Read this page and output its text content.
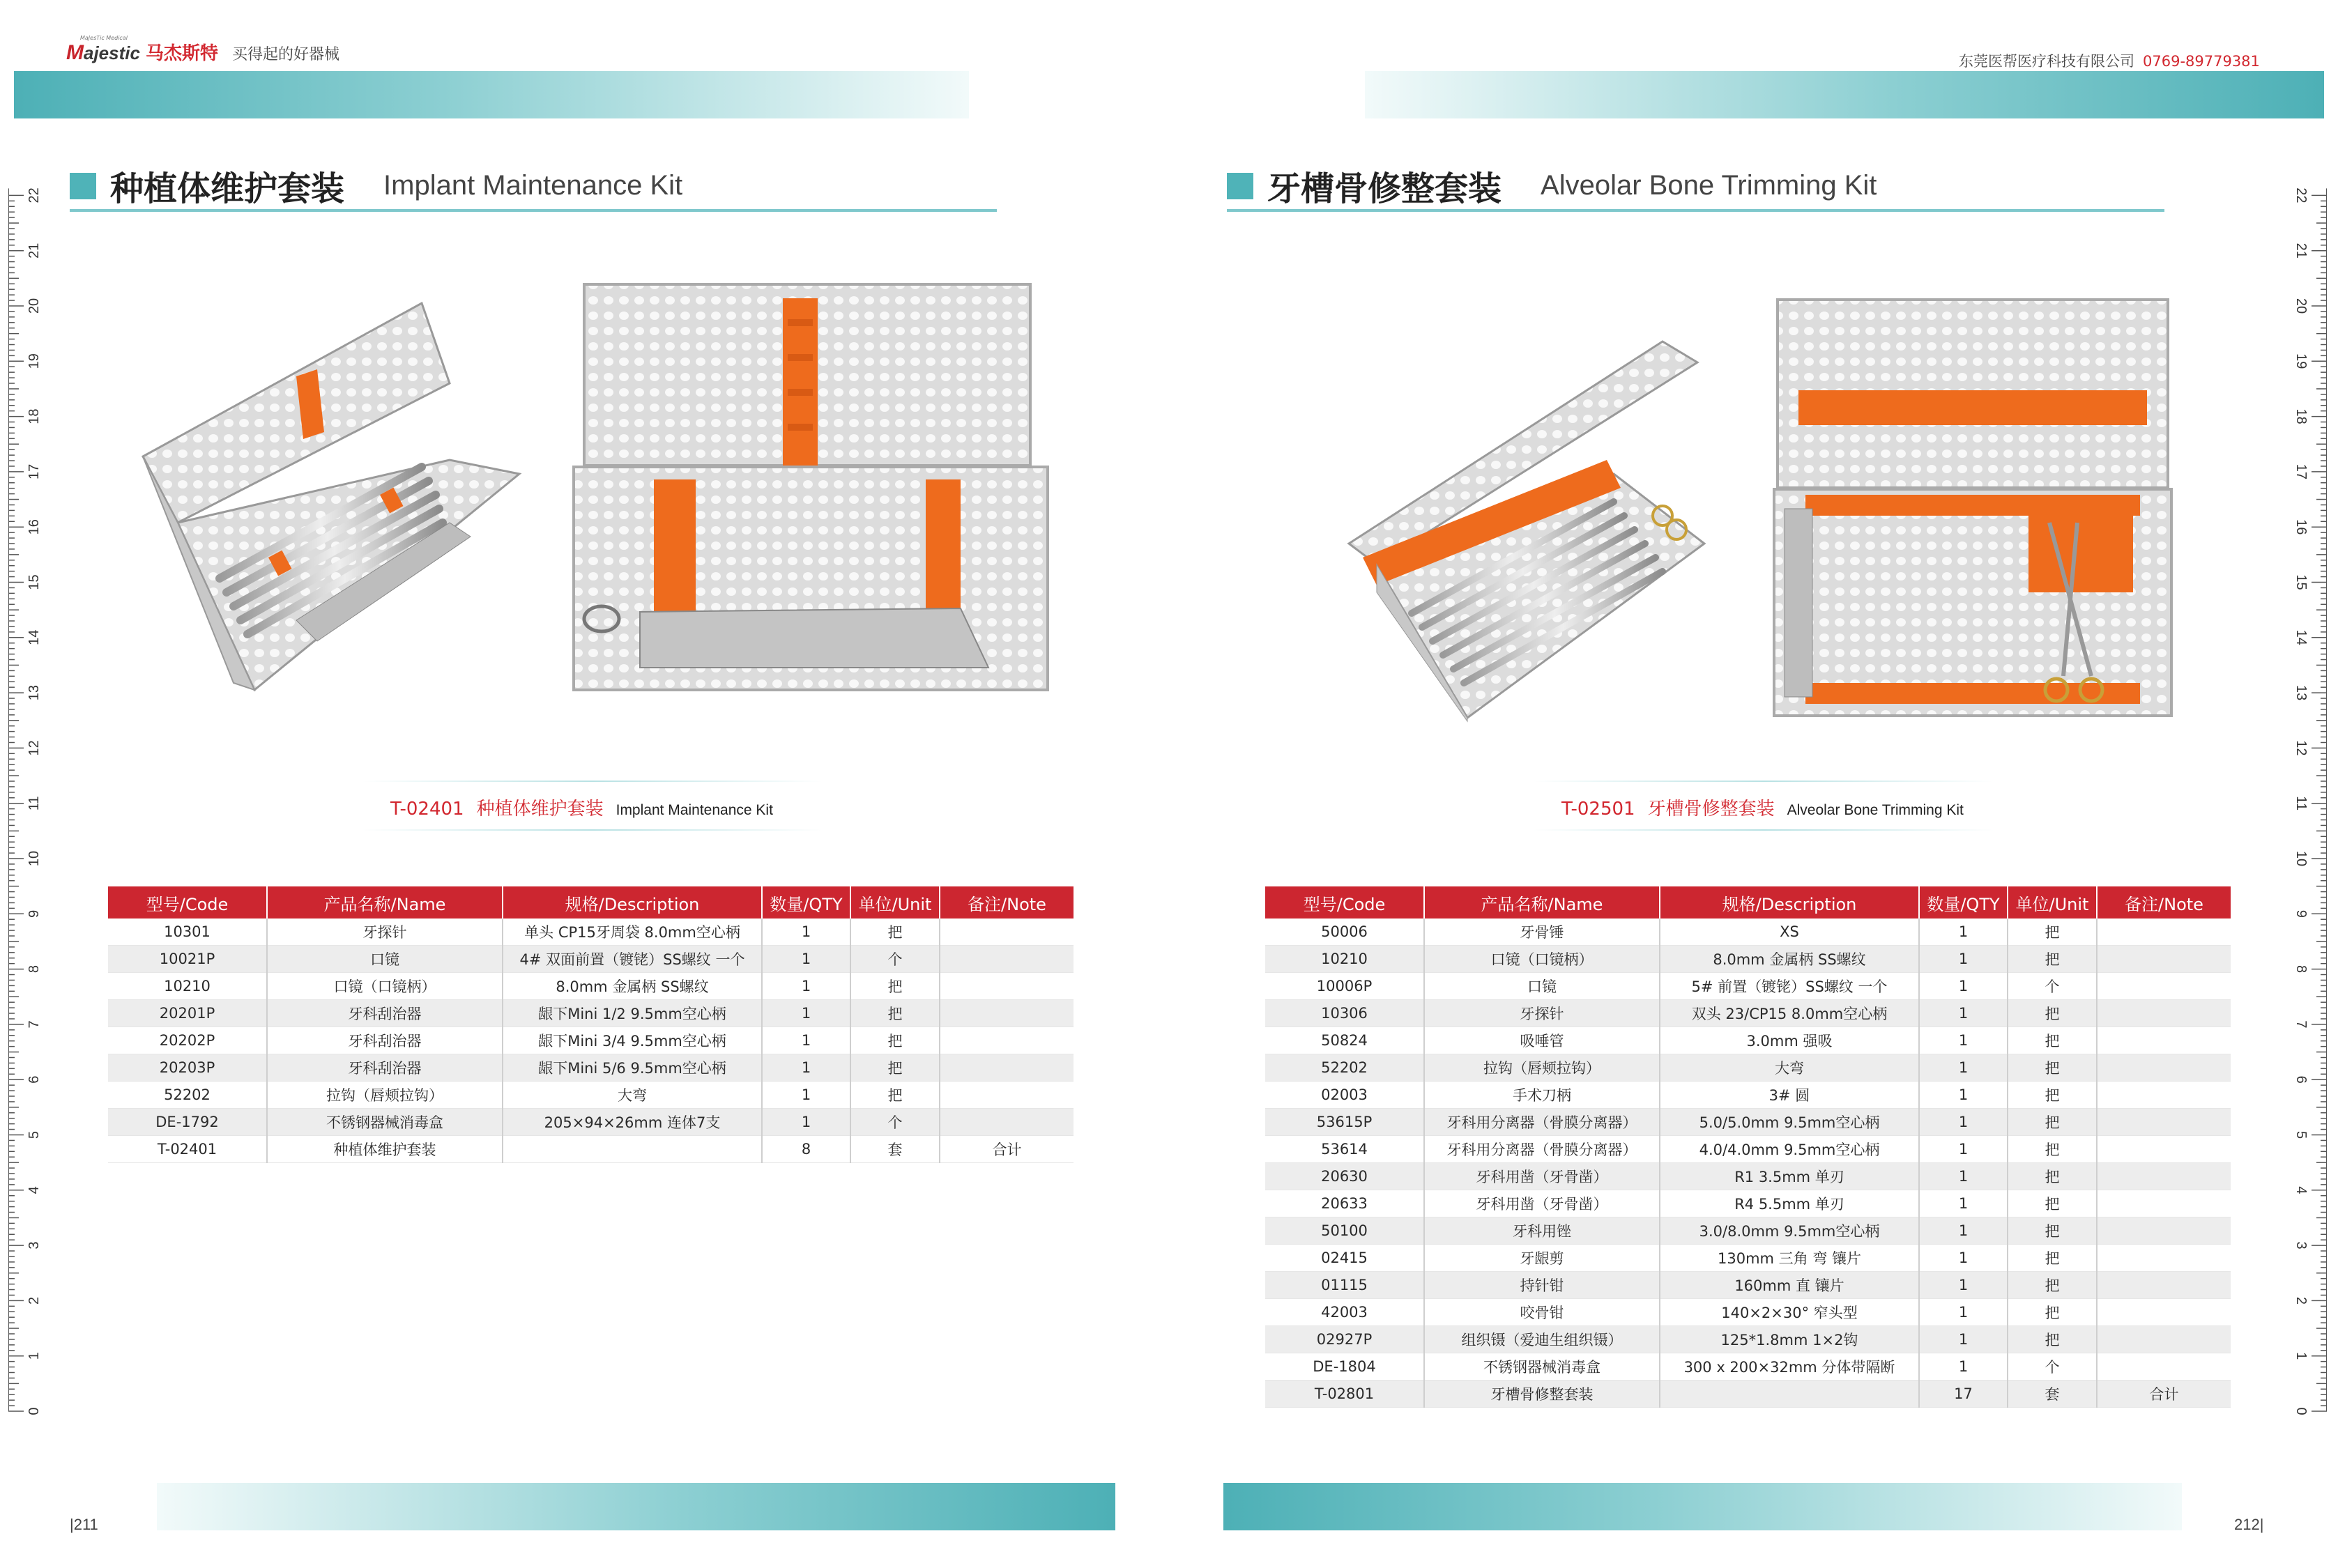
M ajestic 马杰斯特 买得起的好器械
MaJesTic Medical
东莞医帮医疗科技有限公司 0769-89779381
0
1
2
3
4
5
6
7
8
9
10
11
12
13
14
15
16
17
18
19
20
21
22
0
1
2
3
4
5
6
7
8
9
10
11
12
13
14
15
16
17
18
19
20
21
22
种植体维护套装 Implant Maintenance Kit
T-02401 种植体维护套装 Implant Maintenance Kit
型号/Code	产品名称/Name	规格/Description	数量/QTY	单位/Unit	备注/Note
10301	牙探针	单头 CP15牙周袋 8.0mm空心柄	1	把	
10021P	口镜	4# 双面前置（镀铑）SS螺纹 一个	1	个	
10210	口镜（口镜柄）	8.0mm 金属柄 SS螺纹	1	把	
20201P	牙科刮治器	龈下Mini 1/2 9.5mm空心柄	1	把	
20202P	牙科刮治器	龈下Mini 3/4 9.5mm空心柄	1	把	
20203P	牙科刮治器	龈下Mini 5/6 9.5mm空心柄	1	把	
52202	拉钩（唇颊拉钩）	大弯	1	把	
DE-1792	不锈钢器械消毒盒	205×94×26mm 连体7支	1	个	
T-02401	种植体维护套装		8	套	合计
|211
牙槽骨修整套装 Alveolar Bone Trimming Kit
T-02501 牙槽骨修整套装 Alveolar Bone Trimming Kit
型号/Code	产品名称/Name	规格/Description	数量/QTY	单位/Unit	备注/Note
50006	牙骨锤	XS	1	把	
10210	口镜（口镜柄）	8.0mm 金属柄 SS螺纹	1	把	
10006P	口镜	5# 前置（镀铑）SS螺纹 一个	1	个	
10306	牙探针	双头 23/CP15 8.0mm空心柄	1	把	
50824	吸唾管	3.0mm 强吸	1	把	
52202	拉钩（唇颊拉钩）	大弯	1	把	
02003	手术刀柄	3# 圆	1	把	
53615P	牙科用分离器（骨膜分离器）	5.0/5.0mm 9.5mm空心柄	1	把	
53614	牙科用分离器（骨膜分离器）	4.0/4.0mm 9.5mm空心柄	1	把	
20630	牙科用凿（牙骨凿）	R1 3.5mm 单刃	1	把	
20633	牙科用凿（牙骨凿）	R4 5.5mm 单刃	1	把	
50100	牙科用锉	3.0/8.0mm 9.5mm空心柄	1	把	
02415	牙龈剪	130mm 三角 弯 镶片	1	把	
01115	持针钳	160mm 直 镶片	1	把	
42003	咬骨钳	140×2×30° 窄头型	1	把	
02927P	组织镊（爱迪生组织镊）	125*1.8mm 1×2钩	1	把	
DE-1804	不锈钢器械消毒盒	300 x 200×32mm 分体带隔断	1	个	
T-02801	牙槽骨修整套装		17	套	合计
212|
